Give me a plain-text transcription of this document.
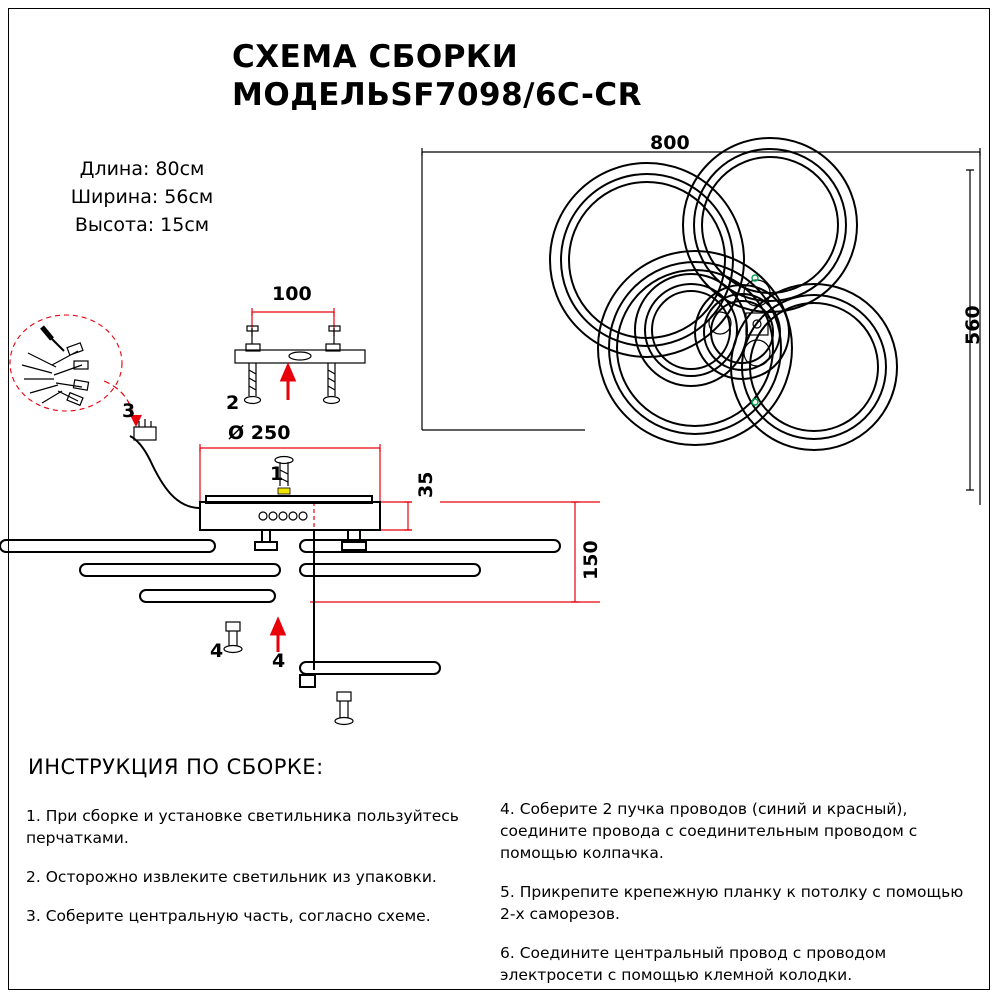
СХЕМА СБОРКИ
МОДЕЛЬSF7098/6C-CR
Длина: 80см
Ширина: 56см
Высота: 15см
800
560
100
2
3
Ø 250
35
150
1
4	4
ИНСТРУКЦИЯ ПО СБОРКЕ:

1. При сборке и установке светильника пользуйтесь перчатками.

2. Осторожно извлеките светильник из упаковки.

3. Соберите центральную часть, согласно схеме.

4. Соберите 2 пучка проводов (синий и красный), соедините провода с соединительным проводом с помощью колпачка.

5. Прикрепите крепежную планку к потолку с помощью 2-х саморезов.

6. Соедините центральный провод с проводом электросети с помощью клемной колодки.
